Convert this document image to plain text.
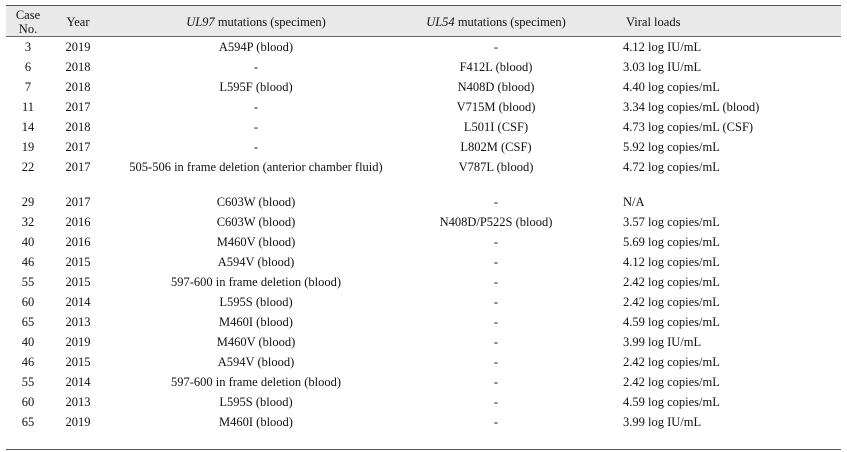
Case
No.	Year	UL97 mutations (specimen)	UL54 mutations (specimen)	Viral loads
3	2019	A594P (blood)	-	4.12 log IU/mL
6	2018	-	F412L (blood)	3.03 log IU/mL
7	2018	L595F (blood)	N408D (blood)	4.40 log copies/mL
11	2017	-	V715M (blood)	3.34 log copies/mL (blood)
14	2018	-	L501I (CSF)	4.73 log copies/mL (CSF)
19	2017	-	L802M (CSF)	5.92 log copies/mL
22	2017	505-506 in frame deletion (anterior chamber fluid)	V787L (blood)	4.72 log copies/mL
29	2017	C603W (blood)	-	N/A
32	2016	C603W (blood)	N408D/P522S (blood)	3.57 log copies/mL
40	2016	M460V (blood)	-	5.69 log copies/mL
46	2015	A594V (blood)	-	4.12 log copies/mL
55	2015	597-600 in frame deletion (blood)	-	2.42 log copies/mL
60	2014	L595S (blood)	-	2.42 log copies/mL
65	2013	M460I (blood)	-	4.59 log copies/mL
40	2019	M460V (blood)	-	3.99 log IU/mL
46	2015	A594V (blood)	-	2.42 log copies/mL
55	2014	597-600 in frame deletion (blood)	-	2.42 log copies/mL
60	2013	L595S (blood)	-	4.59 log copies/mL
65	2019	M460I (blood)	-	3.99 log IU/mL
